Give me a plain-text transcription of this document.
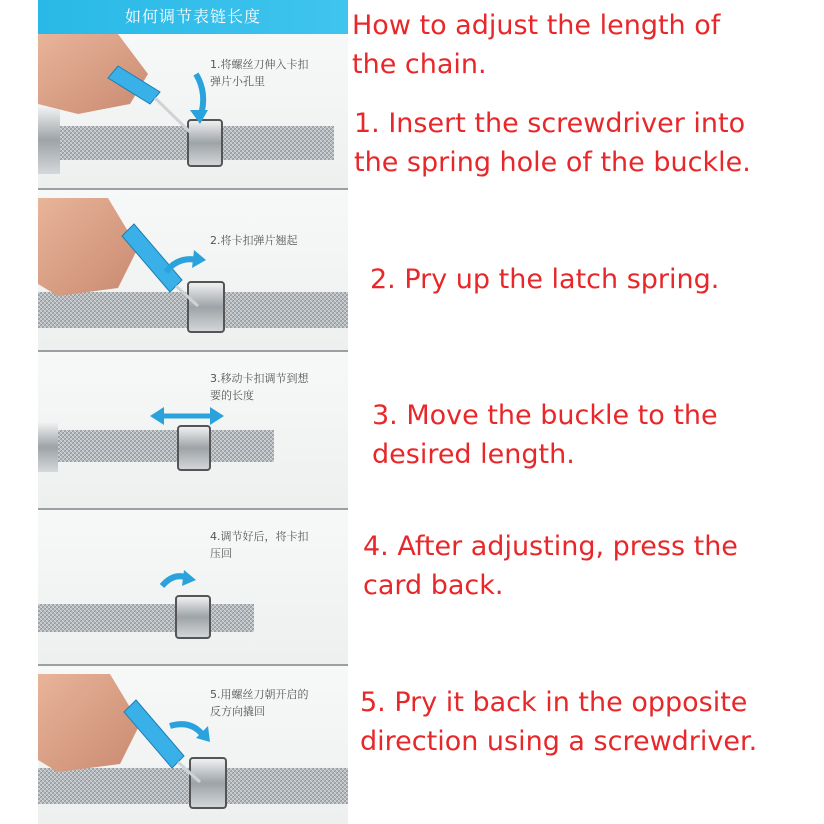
如何调节表链长度
1.将螺丝刀伸入卡扣
弹片小孔里
2.将卡扣弹片翘起
3.移动卡扣调节到想
要的长度
4.调节好后，将卡扣
压回
5.用螺丝刀朝开启的
反方向撬回
How to adjust the length of
the chain.
1. Insert the screwdriver into
the spring hole of the buckle.
2. Pry up the latch spring.
3. Move the buckle to the
desired length.
4. After adjusting, press the
card back.
5. Pry it back in the opposite
direction using a screwdriver.
